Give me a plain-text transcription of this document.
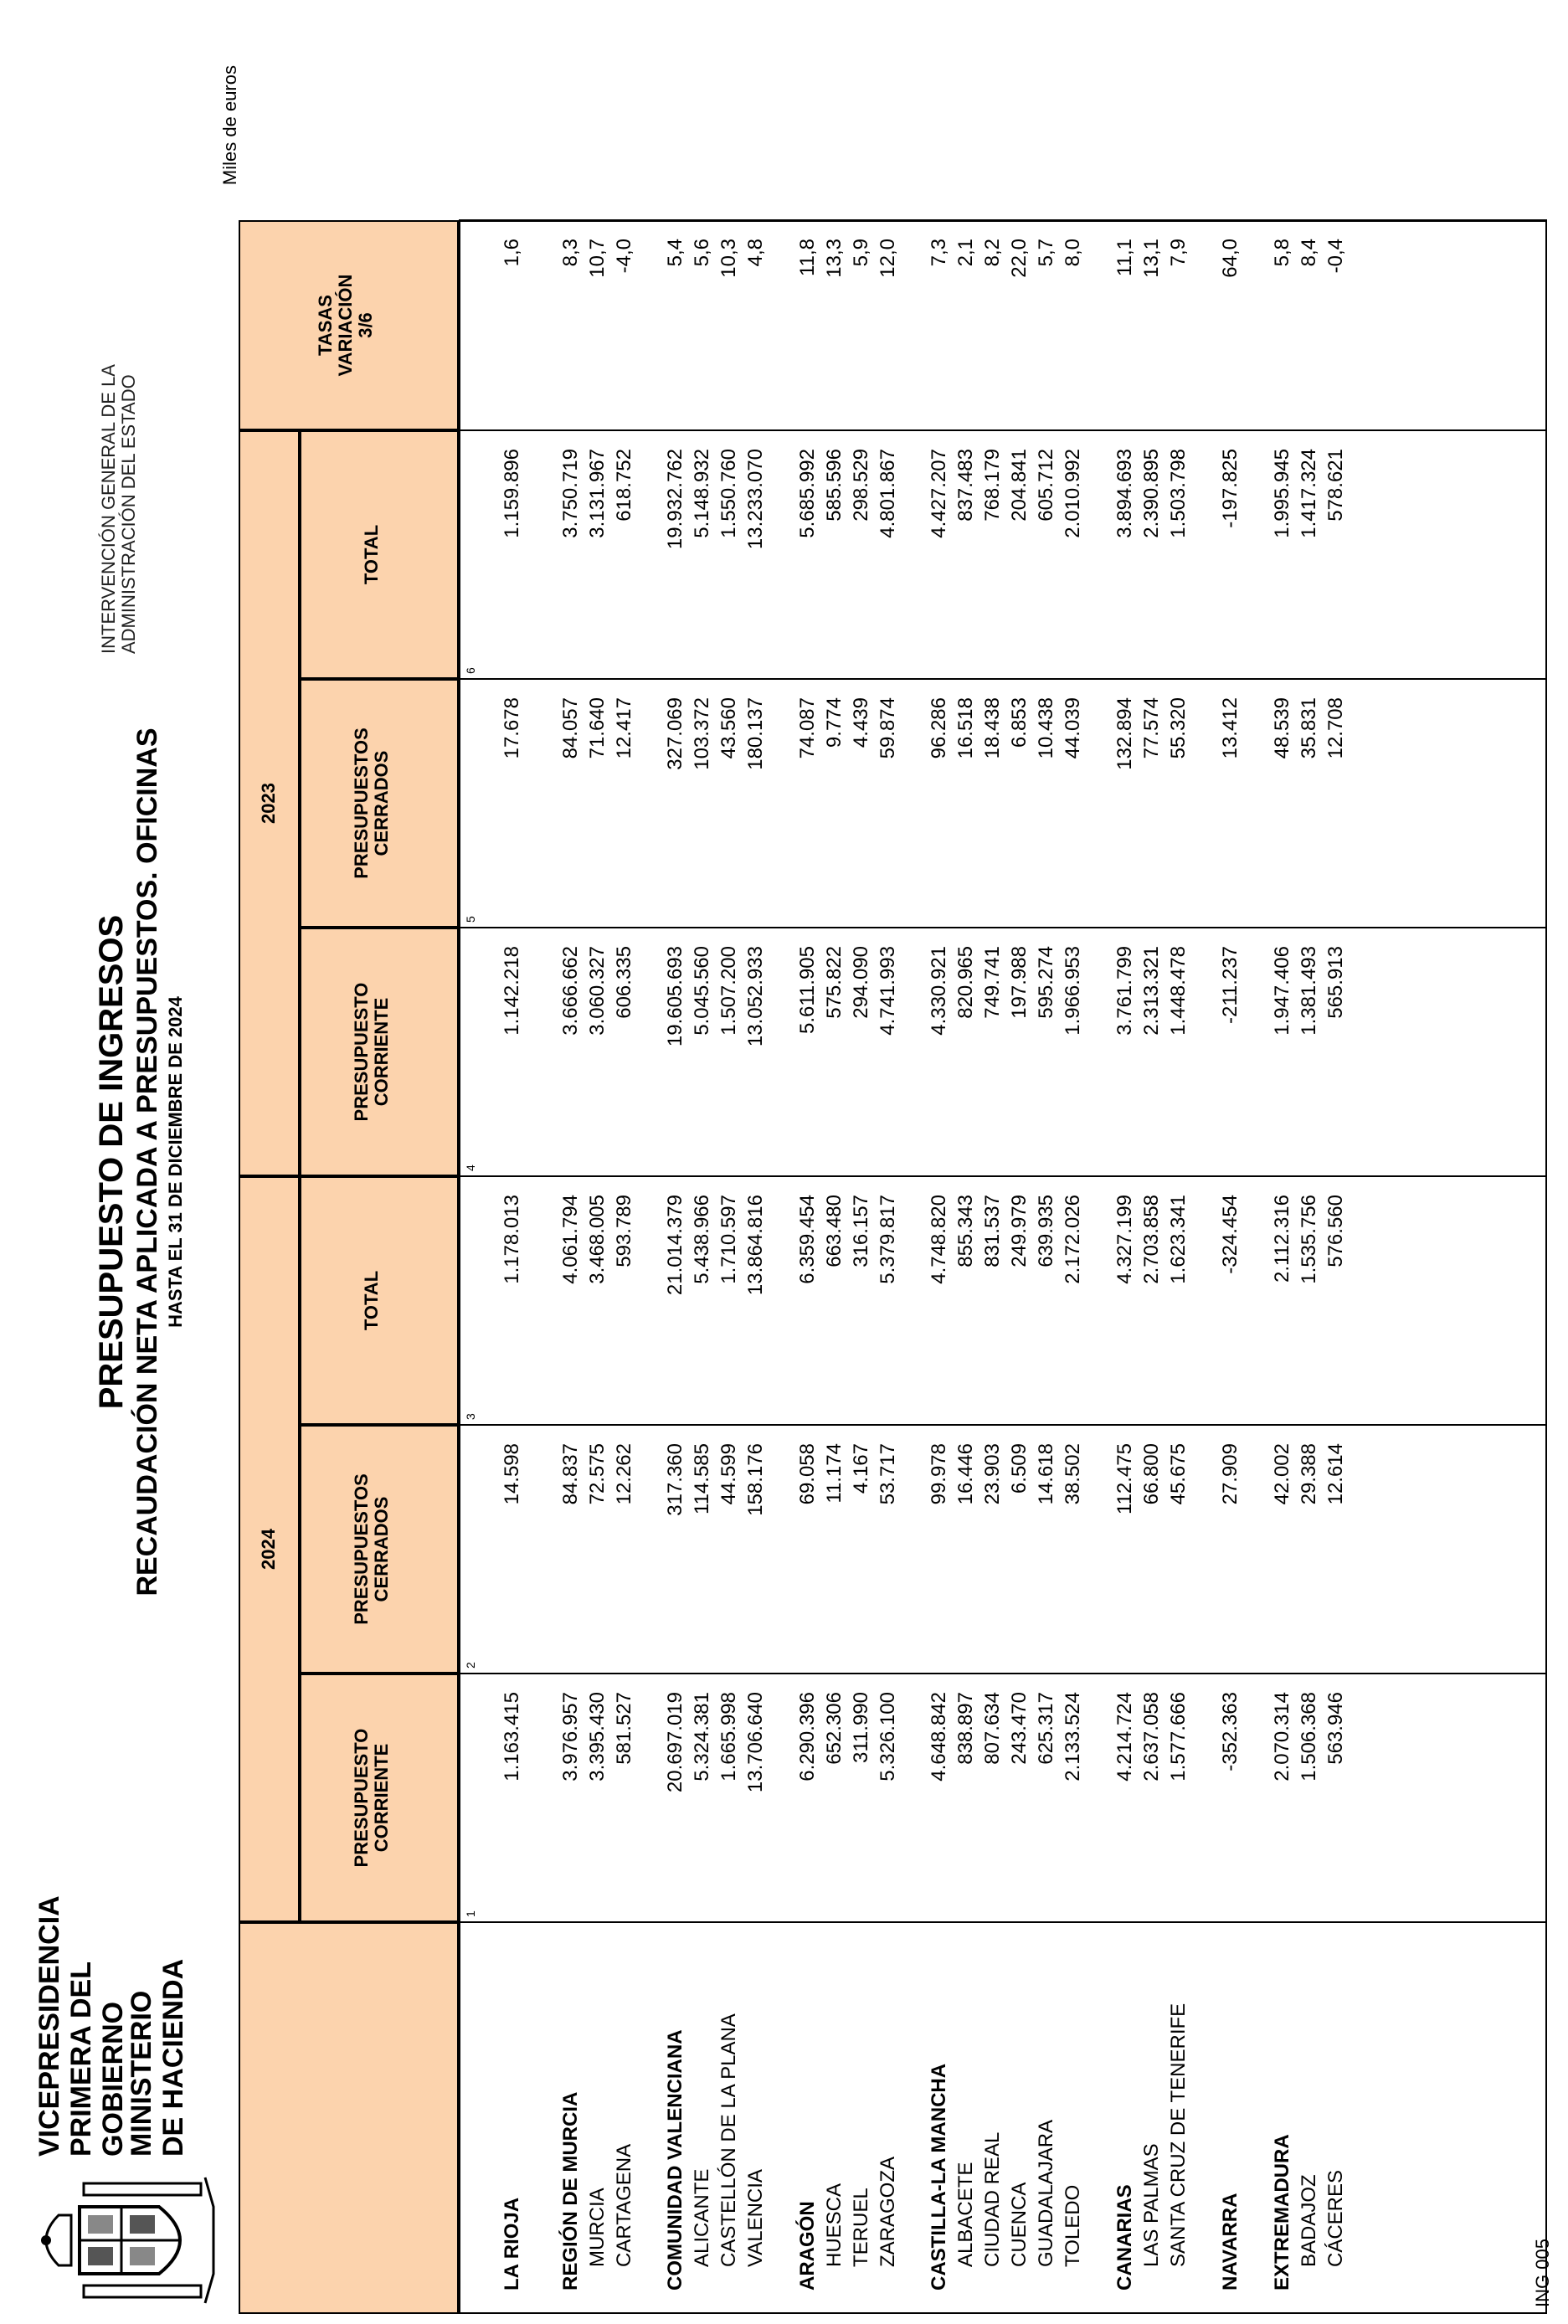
VICEPRESIDENCIA PRIMERA DEL GOBIERNO
MINISTERIO DE HACIENDA
INTERVENCIÓN GENERAL DE LA ADMINISTRACIÓN DEL ESTADO
PRESUPUESTO DE INGRESOS RECAUDACIÓN NETA APLICADA A PRESUPUESTOS. OFICINAS HASTA EL 31 DE DICIEMBRE DE 2024
Miles de euros
2024
2023
TASAS VARIACIÓN 3/6
PRESUPUESTO CORRIENTE
PRESUPUESTOS CERRADOS
TOTAL
PRESUPUESTO CORRIENTE
PRESUPUESTOS CERRADOS
TOTAL
1
2
3
4
5
6
LA RIOJA
1.163.415
14.598
1.178.013
1.142.218
17.678
1.159.896
1,6
REGIÓN DE MURCIA
3.976.957
84.837
4.061.794
3.666.662
84.057
3.750.719
8,3
MURCIA
3.395.430
72.575
3.468.005
3.060.327
71.640
3.131.967
10,7
CARTAGENA
581.527
12.262
593.789
606.335
12.417
618.752
-4,0
COMUNIDAD VALENCIANA
20.697.019
317.360
21.014.379
19.605.693
327.069
19.932.762
5,4
ALICANTE
5.324.381
114.585
5.438.966
5.045.560
103.372
5.148.932
5,6
CASTELLÓN DE LA PLANA
1.665.998
44.599
1.710.597
1.507.200
43.560
1.550.760
10,3
VALENCIA
13.706.640
158.176
13.864.816
13.052.933
180.137
13.233.070
4,8
ARAGÓN
6.290.396
69.058
6.359.454
5.611.905
74.087
5.685.992
11,8
HUESCA
652.306
11.174
663.480
575.822
9.774
585.596
13,3
TERUEL
311.990
4.167
316.157
294.090
4.439
298.529
5,9
ZARAGOZA
5.326.100
53.717
5.379.817
4.741.993
59.874
4.801.867
12,0
CASTILLA-LA MANCHA
4.648.842
99.978
4.748.820
4.330.921
96.286
4.427.207
7,3
ALBACETE
838.897
16.446
855.343
820.965
16.518
837.483
2,1
CIUDAD REAL
807.634
23.903
831.537
749.741
18.438
768.179
8,2
CUENCA
243.470
6.509
249.979
197.988
6.853
204.841
22,0
GUADALAJARA
625.317
14.618
639.935
595.274
10.438
605.712
5,7
TOLEDO
2.133.524
38.502
2.172.026
1.966.953
44.039
2.010.992
8,0
CANARIAS
4.214.724
112.475
4.327.199
3.761.799
132.894
3.894.693
11,1
LAS PALMAS
2.637.058
66.800
2.703.858
2.313.321
77.574
2.390.895
13,1
SANTA CRUZ DE TENERIFE
1.577.666
45.675
1.623.341
1.448.478
55.320
1.503.798
7,9
NAVARRA
-352.363
27.909
-324.454
-211.237
13.412
-197.825
64,0
EXTREMADURA
2.070.314
42.002
2.112.316
1.947.406
48.539
1.995.945
5,8
BADAJOZ
1.506.368
29.388
1.535.756
1.381.493
35.831
1.417.324
8,4
CÁCERES
563.946
12.614
576.560
565.913
12.708
578.621
-0,4
ING 005
